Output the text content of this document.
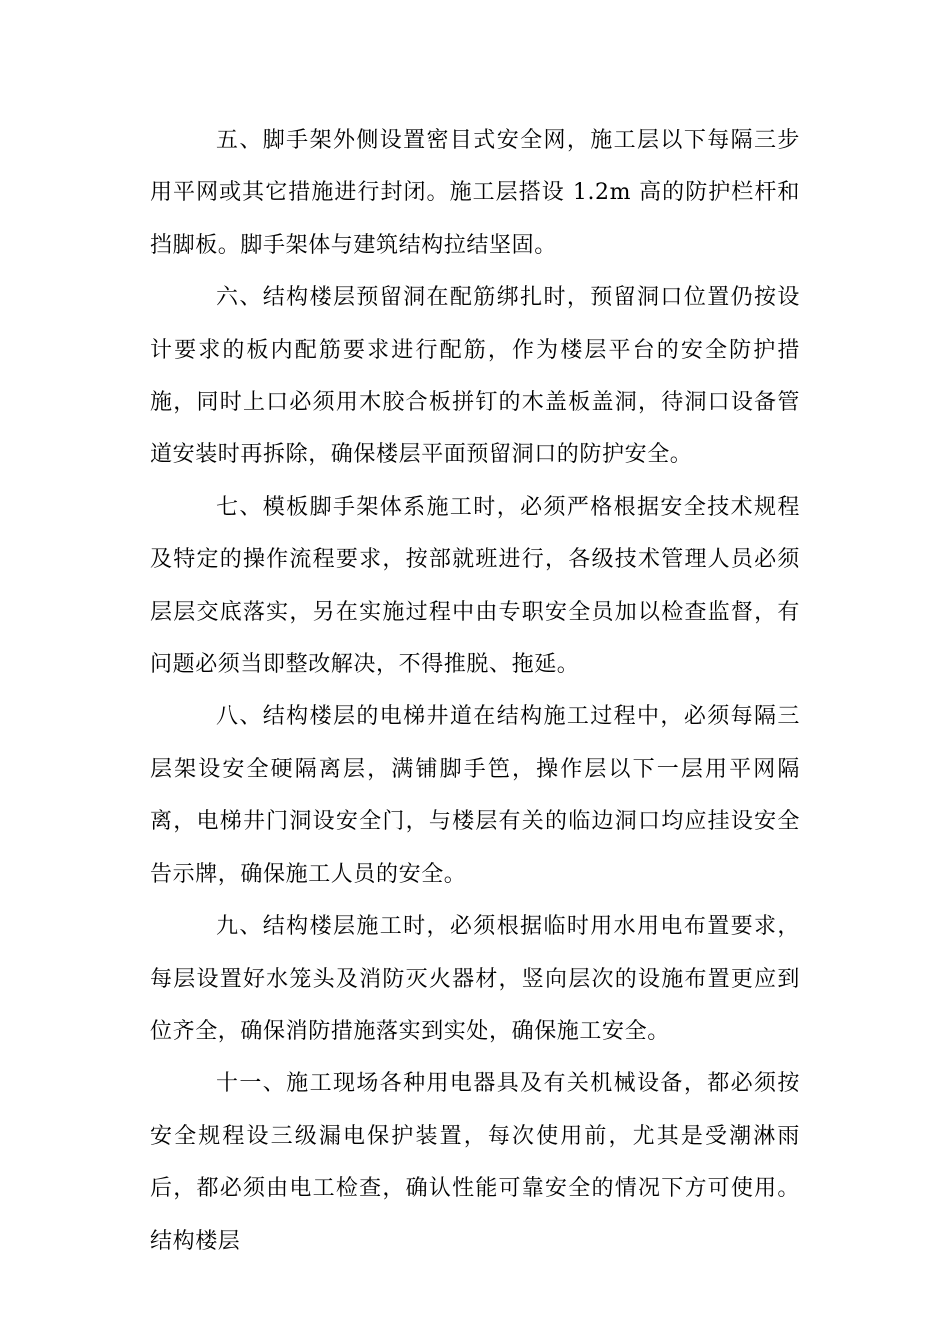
五、脚手架外侧设置密目式安全网，施工层以下每隔三步用平网或其它措施进行封闭。施工层搭设 1.2m 高的防护栏杆和挡脚板。脚手架体与建筑结构拉结坚固。

六、结构楼层预留洞在配筋绑扎时，预留洞口位置仍按设计要求的板内配筋要求进行配筋，作为楼层平台的安全防护措施，同时上口必须用木胶合板拼钉的木盖板盖洞，待洞口设备管道安装时再拆除，确保楼层平面预留洞口的防护安全。

七、模板脚手架体系施工时，必须严格根据安全技术规程及特定的操作流程要求，按部就班进行，各级技术管理人员必须层层交底落实，另在实施过程中由专职安全员加以检查监督，有问题必须当即整改解决，不得推脱、拖延。

八、结构楼层的电梯井道在结构施工过程中，必须每隔三层架设安全硬隔离层，满铺脚手笆，操作层以下一层用平网隔离，电梯井门洞设安全门，与楼层有关的临边洞口均应挂设安全告示牌，确保施工人员的安全。

九、结构楼层施工时，必须根据临时用水用电布置要求，每层设置好水笼头及消防灭火器材，竖向层次的设施布置更应到位齐全，确保消防措施落实到实处，确保施工安全。

十一、施工现场各种用电器具及有关机械设备，都必须按安全规程设三级漏电保护装置，每次使用前，尤其是受潮淋雨后，都必须由电工检查，确认性能可靠安全的情况下方可使用。结构楼层
